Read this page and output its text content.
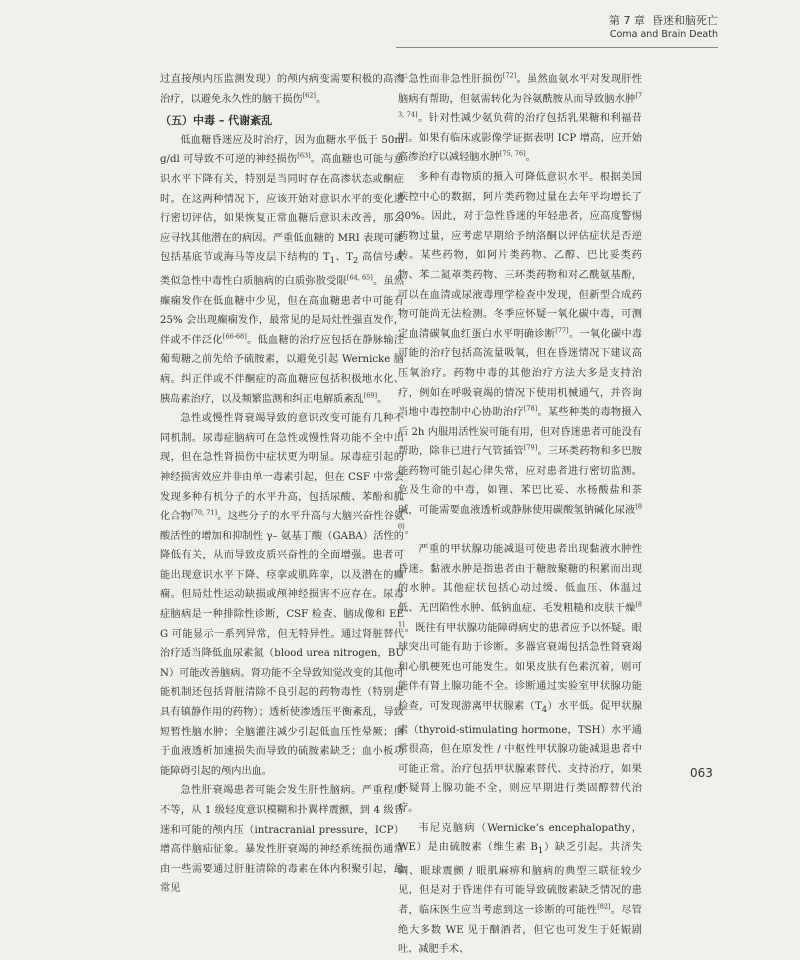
第 7 章 昏迷和脑死亡
Coma and Brain Death

过直接颅内压监测发现）的颅内病变需要积极的高渗治疗，以避免永久性的脑干损伤[62]。

（五）中毒 – 代谢紊乱

低血糖昏迷应及时治疗，因为血糖水平低于 50mg/dl 可导致不可逆的神经损伤[63]。高血糖也可能与意识水平下降有关，特别是当同时存在高渗状态或酮症时。在这两种情况下，应该开始对意识水平的变化进行密切评估，如果恢复正常血糖后意识未改善，那么应寻找其他潜在的病因。严重低血糖的 MRI 表现可能包括基底节或海马等皮层下结构的 $T_1$、$T_2$ 高信号或类似急性中毒性白质脑病的白质弥散受限[64, 65]。虽然癫痫发作在低血糖中少见，但在高血糖患者中可能有 25% 会出现癫痫发作，最常见的是局灶性强直发作，伴或不伴泛化[66-68]。低血糖的治疗应包括在静脉输注葡萄糖之前先给予硫胺素，以避免引起 Wernicke 脑病。纠正伴或不伴酮症的高血糖应包括积极地水化、胰岛素治疗，以及频繁监测和纠正电解质紊乱[69]。

急性或慢性肾衰竭导致的意识改变可能有几种不同机制。尿毒症脑病可在急性或慢性肾功能不全中出现，但在急性肾损伤中症状更为明显。尿毒症引起的神经损害效应并非由单一毒素引起，但在 CSF 中常会发现多种有机分子的水平升高，包括尿酸、苯酚和胍化合物[70, 71]。这些分子的水平升高与大脑兴奋性谷氨酸活性的增加和抑制性 γ– 氨基丁酸（GABA）活性的降低有关，从而导致皮质兴奋性的全面增强。患者可能出现意识水平下降、痉挛或肌阵挛，以及潜在的癫痫。但局灶性运动缺损或颅神经损害不应存在。尿毒症脑病是一种排除性诊断，CSF 检查、脑成像和 EEG 可能显示一系列异常，但无特异性。通过肾脏替代治疗适当降低血尿素氮（blood urea nitrogen，BUN）可能改善脑病。肾功能不全导致知觉改变的其他可能机制还包括肾脏清除不良引起的药物毒性（特别是具有镇静作用的药物）；透析使渗透压平衡紊乱，导致短暂性脑水肿；全脑灌注减少引起低血压性晕厥；由于血液透析加速损失而导致的硫胺素缺乏；血小板功能障碍引起的颅内出血。

急性肝衰竭患者可能会发生肝性脑病。严重程度不等，从 1 级轻度意识模糊和扑翼样震颤，到 4 级昏迷和可能的颅内压（intracranial pressure，ICP）增高伴脑疝征象。暴发性肝衰竭的神经系统损伤通常由一些需要通过肝脏清除的毒素在体内积聚引起，最常见

于急性而非急性肝损伤[72]。虽然血氨水平对发现肝性脑病有帮助，但氨需转化为谷氨酰胺从而导致脑水肿[73, 74]。针对性减少氨负荷的治疗包括乳果糖和利福昔明。如果有临床或影像学证据表明 ICP 增高，应开始高渗治疗以减轻脑水肿[75, 76]。

多种有毒物质的摄入可降低意识水平。根据美国疾控中心的数据，阿片类药物过量在去年平均增长了 30%。因此，对于急性昏迷的年轻患者，应高度警惕药物过量，应考虑早期给予纳洛酮以评估症状是否逆转。某些药物，如阿片类药物、乙醇、巴比妥类药物、苯二氮䓬类药物、三环类药物和对乙酰氨基酚，可以在血清或尿液毒理学检查中发现，但新型合成药物可能尚无法检测。冬季应怀疑一氧化碳中毒，可测定血清碳氧血红蛋白水平明确诊断[77]。一氧化碳中毒可能的治疗包括高流量吸氧，但在昏迷情况下建议高压氧治疗。药物中毒的其他治疗方法大多是支持治疗，例如在呼吸衰竭的情况下使用机械通气，并咨询当地中毒控制中心协助治疗[78]。某些种类的毒物摄入后 2h 内服用活性炭可能有用，但对昏迷患者可能没有帮助，除非已进行气管插管[79]。三环类药物和多巴胺能药物可能引起心律失常，应对患者进行密切监测。危及生命的中毒，如锂、苯巴比妥、水杨酸盐和茶碱，可能需要血液透析或静脉使用碳酸氢钠碱化尿液[80]。

严重的甲状腺功能减退可使患者出现黏液水肿性昏迷。黏液水肿是指患者由于糖胺聚糖的积累而出现的水肿。其他症状包括心动过缓、低血压、体温过低、无凹陷性水肿、低钠血症、毛发粗糙和皮肤干燥[81]。既往有甲状腺功能障碍病史的患者应予以怀疑。眼球突出可能有助于诊断。多器官衰竭包括急性肾衰竭和心肌梗死也可能发生。如果皮肤有色素沉着，则可能伴有肾上腺功能不全。诊断通过实验室甲状腺功能检查，可发现游离甲状腺素$(T_4)$水平低。促甲状腺素（thyroid-stimulating hormone，TSH）水平通常很高，但在原发性 / 中枢性甲状腺功能减退患者中可能正常。治疗包括甲状腺素替代、支持治疗，如果怀疑肾上腺功能不全，则应早期进行类固醇替代治疗。

韦尼克脑病（Wernicke’s encephalopathy，WE）是由硫胺素（维生素 $B_1$）缺乏引起。共济失调、眼球震颤 / 眼肌麻痹和脑病的典型三联征较少见，但是对于昏迷伴有可能导致硫胺素缺乏情况的患者，临床医生应当考虑到这一诊断的可能性[82]。尽管绝大多数 WE 见于酗酒者，但它也可发生于妊娠剧吐、减肥手术、

063
